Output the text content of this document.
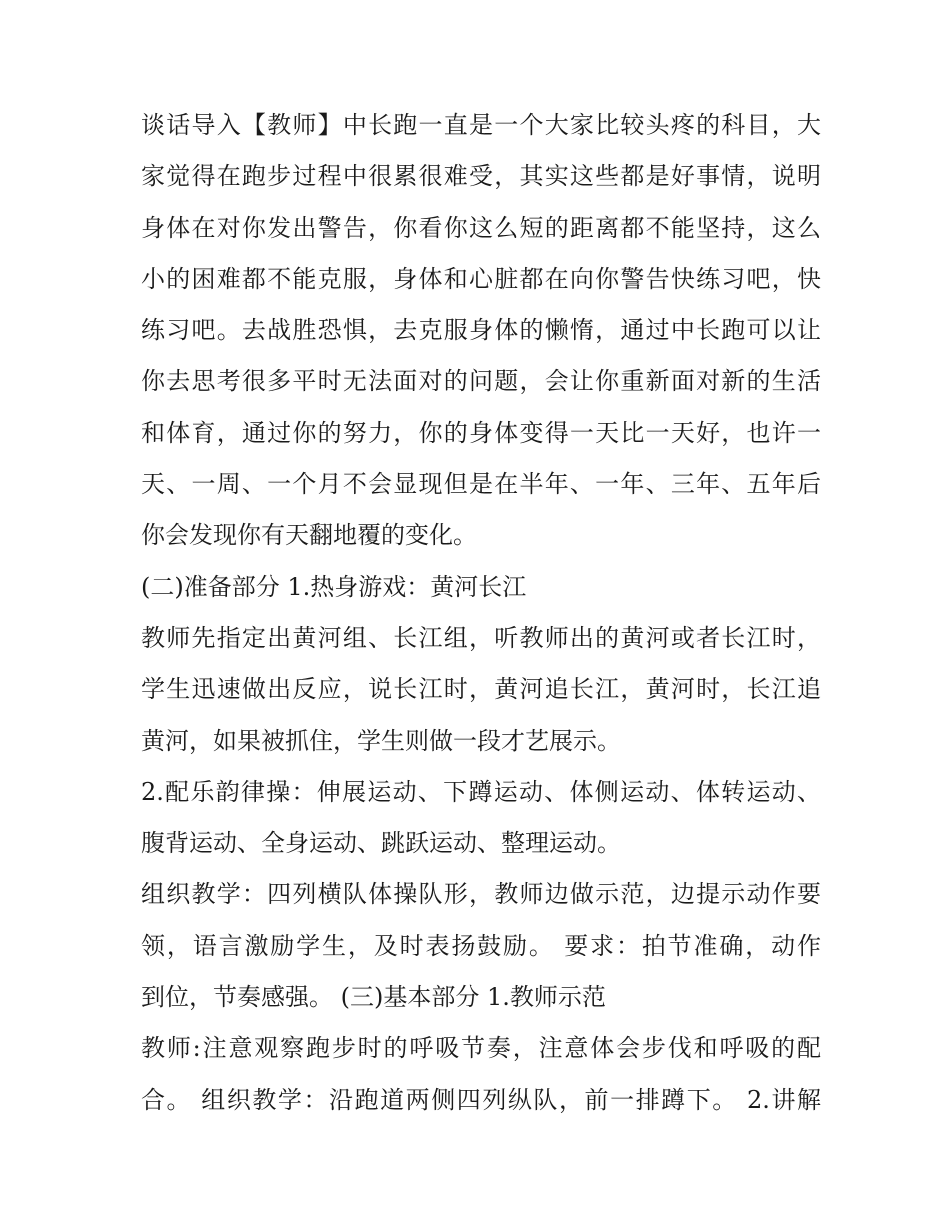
谈话导入【教师】中长跑一直是一个大家比较头疼的科目，大
家觉得在跑步过程中很累很难受，其实这些都是好事情，说明
身体在对你发出警告，你看你这么短的距离都不能坚持，这么
小的困难都不能克服，身体和心脏都在向你警告快练习吧，快
练习吧。去战胜恐惧，去克服身体的懒惰，通过中长跑可以让
你去思考很多平时无法面对的问题，会让你重新面对新的生活
和体育，通过你的努力，你的身体变得一天比一天好，也许一
天、一周、一个月不会显现但是在半年、一年、三年、五年后
你会发现你有天翻地覆的变化。
(二)准备部分 1.热身游戏：黄河长江
教师先指定出黄河组、长江组，听教师出的黄河或者长江时，
学生迅速做出反应，说长江时，黄河追长江，黄河时，长江追
黄河，如果被抓住，学生则做一段才艺展示。
2.配乐韵律操：伸展运动、下蹲运动、体侧运动、体转运动、
腹背运动、全身运动、跳跃运动、整理运动。
组织教学：四列横队体操队形，教师边做示范，边提示动作要
领，语言激励学生，及时表扬鼓励。 要求：拍节准确，动作
到位，节奏感强。 (三)基本部分 1.教师示范
教师:注意观察跑步时的呼吸节奏，注意体会步伐和呼吸的配
合。 组织教学：沿跑道两侧四列纵队，前一排蹲下。 2.讲解
